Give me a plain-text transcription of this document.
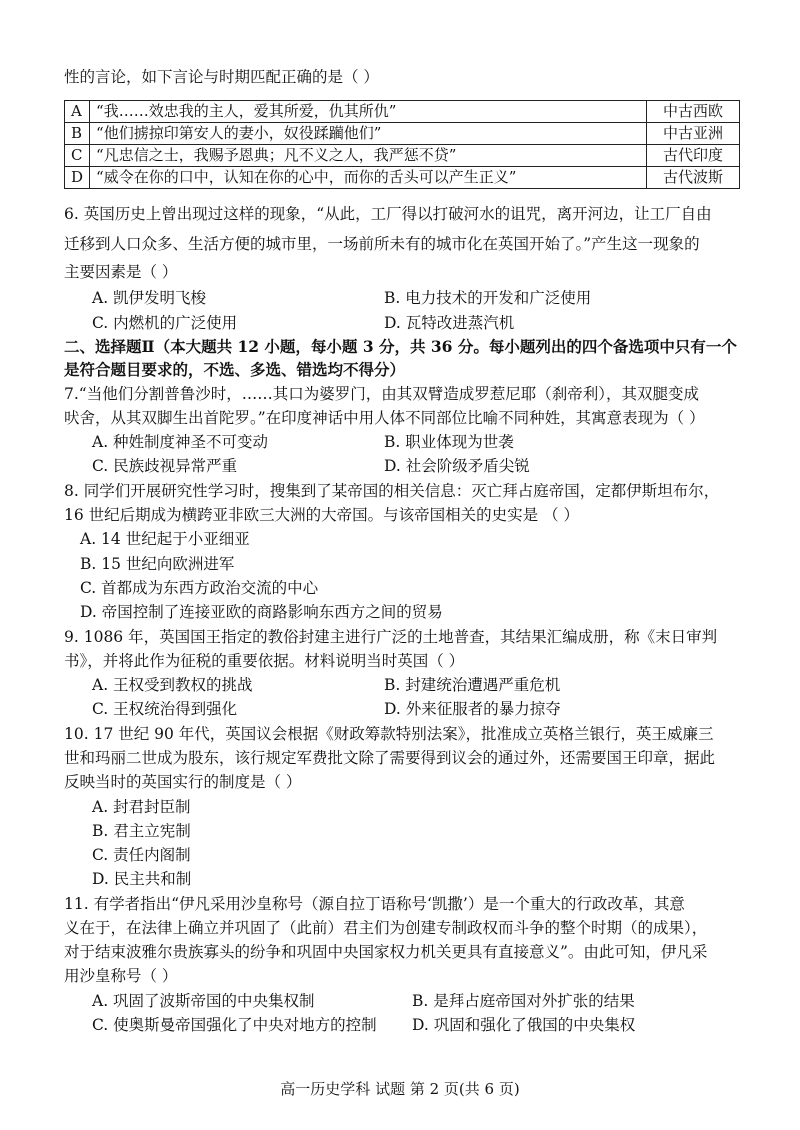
性的言论，如下言论与时期匹配正确的是（ ）
A	“我……效忠我的主人，爱其所爱，仇其所仇”	中古西欧
B	“他们掳掠印第安人的妻小，奴役蹂躏他们”	中古亚洲
C	“凡忠信之士，我赐予恩典；凡不义之人，我严惩不贷”	古代印度
D	“威令在你的口中，认知在你的心中，而你的舌头可以产生正义”	古代波斯
6. 英国历史上曾出现过这样的现象，“从此，工厂得以打破河水的诅咒，离开河边，让工厂自由
迁移到人口众多、生活方便的城市里，一场前所未有的城市化在英国开始了。”产生这一现象的
主要因素是（ ）
A. 凯伊发明飞梭	B. 电力技术的开发和广泛使用
C. 内燃机的广泛使用	D. 瓦特改进蒸汽机
二、选择题Ⅱ（本大题共 12 小题，每小题 3 分，共 36 分。每小题列出的四个备选项中只有一个
是符合题目要求的，不选、多选、错选均不得分）
7.“当他们分割普鲁沙时，……其口为婆罗门，由其双臂造成罗惹尼耶（刹帝利），其双腿变成
吠舍，从其双脚生出首陀罗。”在印度神话中用人体不同部位比喻不同种姓，其寓意表现为（ ）
A. 种姓制度神圣不可变动	B. 职业体现为世袭
C. 民族歧视异常严重	D. 社会阶级矛盾尖锐
8. 同学们开展研究性学习时，搜集到了某帝国的相关信息：灭亡拜占庭帝国，定都伊斯坦布尔，
16 世纪后期成为横跨亚非欧三大洲的大帝国。与该帝国相关的史实是 （ ）
A. 14 世纪起于小亚细亚
B. 15 世纪向欧洲进军
C. 首都成为东西方政治交流的中心
D. 帝国控制了连接亚欧的商路影响东西方之间的贸易
9. 1086 年，英国国王指定的教俗封建主进行广泛的土地普查，其结果汇编成册，称《末日审判
书》，并将此作为征税的重要依据。材料说明当时英国（ ）
A. 王权受到教权的挑战	B. 封建统治遭遇严重危机
C. 王权统治得到强化	D. 外来征服者的暴力掠夺
10. 17 世纪 90 年代，英国议会根据《财政筹款特别法案》，批准成立英格兰银行，英王威廉三
世和玛丽二世成为股东，该行规定军费批文除了需要得到议会的通过外，还需要国王印章，据此
反映当时的英国实行的制度是（ ）
A. 封君封臣制
B. 君主立宪制
C. 责任内阁制
D. 民主共和制
11. 有学者指出“伊凡采用沙皇称号（源自拉丁语称号‘凯撒’）是一个重大的行政改革，其意
义在于，在法律上确立并巩固了（此前）君主们为创建专制政权而斗争的整个时期（的成果），
对于结束波雅尔贵族寡头的纷争和巩固中央国家权力机关更具有直接意义”。由此可知，伊凡采
用沙皇称号（ ）
A. 巩固了波斯帝国的中央集权制	B. 是拜占庭帝国对外扩张的结果
C. 使奥斯曼帝国强化了中央对地方的控制 D. 巩固和强化了俄国的中央集权
高一历史学科 试题 第 2 页(共 6 页)
